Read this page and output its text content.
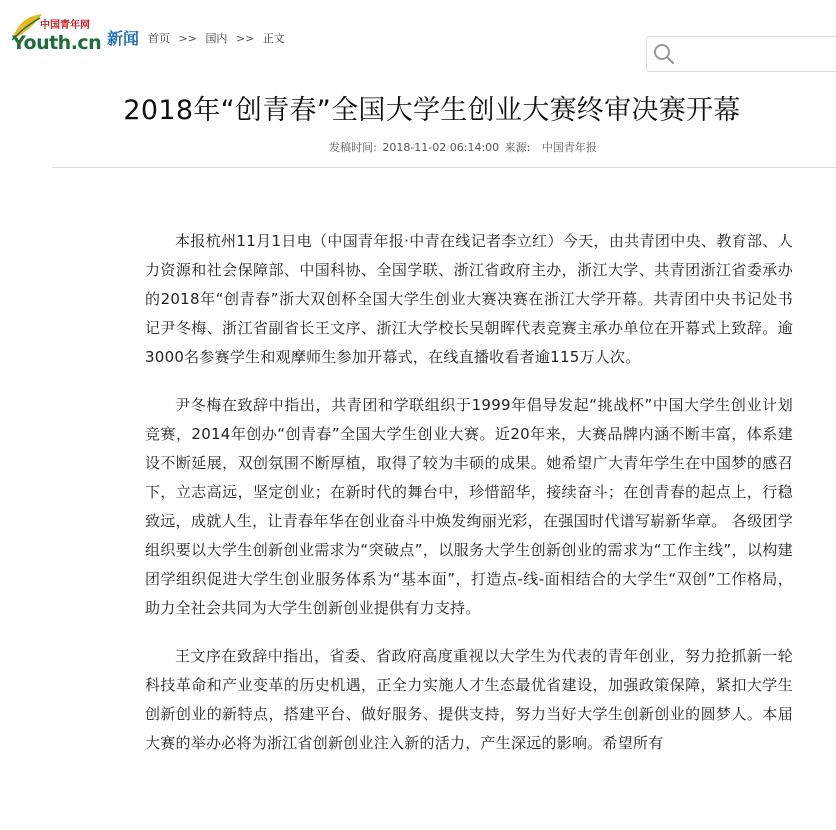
中国青年网
Youth.cn 新闻 首页 >> 国内 >> 正文
2018年“创青春”全国大学生创业大赛终审决赛开幕
发稿时间: 2018-11-02 06:14:00 来源: 中国青年报

本报杭州11月1日电（中国青年报·中青在线记者李立红）今天，由共青团中央、教育部、人力资源和社会保障部、中国科协、全国学联、浙江省政府主办，浙江大学、共青团浙江省委承办的2018年“创青春”浙大双创杯全国大学生创业大赛决赛在浙江大学开幕。共青团中央书记处书记尹冬梅、浙江省副省长王文序、浙江大学校长吴朝晖代表竞赛主承办单位在开幕式上致辞。逾3000名参赛学生和观摩师生参加开幕式，在线直播收看者逾115万人次。

尹冬梅在致辞中指出，共青团和学联组织于1999年倡导发起“挑战杯”中国大学生创业计划竞赛，2014年创办“创青春”全国大学生创业大赛。近20年来，大赛品牌内涵不断丰富，体系建设不断延展，双创氛围不断厚植，取得了较为丰硕的成果。她希望广大青年学生在中国梦的感召下，立志高远，坚定创业；在新时代的舞台中，珍惜韶华，接续奋斗；在创青春的起点上，行稳致远，成就人生，让青春年华在创业奋斗中焕发绚丽光彩，在强国时代谱写崭新华章。 各级团学组织要以大学生创新创业需求为“突破点”，以服务大学生创新创业的需求为“工作主线”，以构建团学组织促进大学生创业服务体系为“基本面”，打造点-线-面相结合的大学生“双创”工作格局，助力全社会共同为大学生创新创业提供有力支持。

王文序在致辞中指出，省委、省政府高度重视以大学生为代表的青年创业，努力抢抓新一轮科技革命和产业变革的历史机遇，正全力实施人才生态最优省建设，加强政策保障，紧扣大学生创新创业的新特点，搭建平台、做好服务、提供支持，努力当好大学生创新创业的圆梦人。本届大赛的举办必将为浙江省创新创业注入新的活力，产生深远的影响。希望所有
